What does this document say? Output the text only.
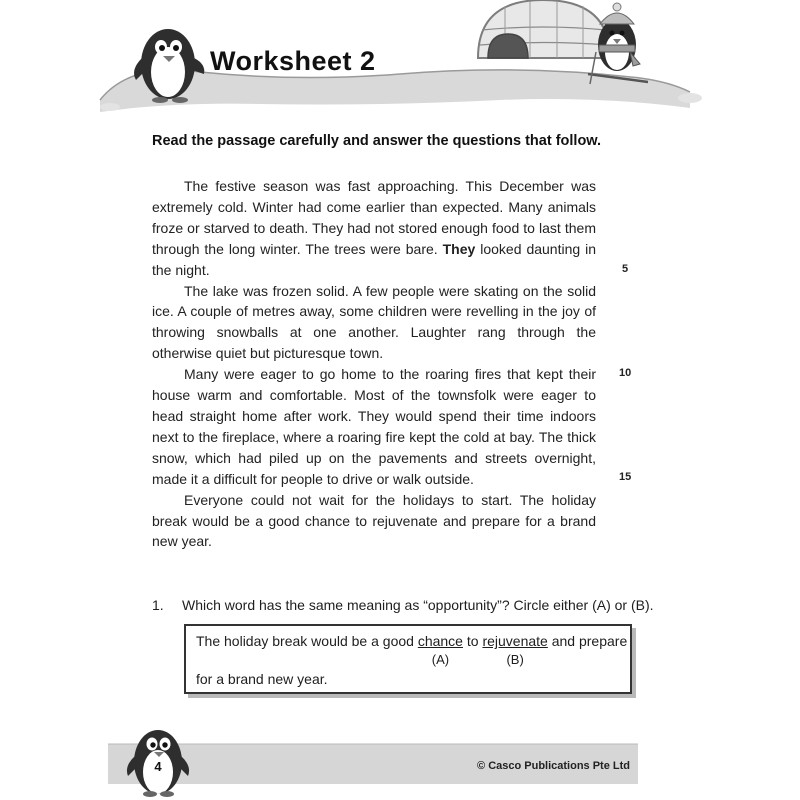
Worksheet 2
Read the passage carefully and answer the questions that follow.

The festive season was fast approaching. This December was extremely cold. Winter had come earlier than expected. Many animals froze or starved to death. They had not stored enough food to last them through the long winter. The trees were bare. They looked daunting in the night.

The lake was frozen solid. A few people were skating on the solid ice. A couple of metres away, some children were revelling in the joy of throwing snowballs at one another. Laughter rang through the otherwise quiet but picturesque town.

Many were eager to go home to the roaring fires that kept their house warm and comfortable. Most of the townsfolk were eager to head straight home after work. They would spend their time indoors next to the fireplace, where a roaring fire kept the cold at bay. The thick snow, which had piled up on the pavements and streets overnight, made it a difficult for people to drive or walk outside.

Everyone could not wait for the holidays to start. The holiday break would be a good chance to rejuvenate and prepare for a brand new year.

5
10
15
1. Which word has the same meaning as “opportunity”? Circle either (A) or (B).
The holiday break would be a good chance to rejuvenate and prepare
(A)	(B)
for a brand new year.
4	© Casco Publications Pte Ltd
